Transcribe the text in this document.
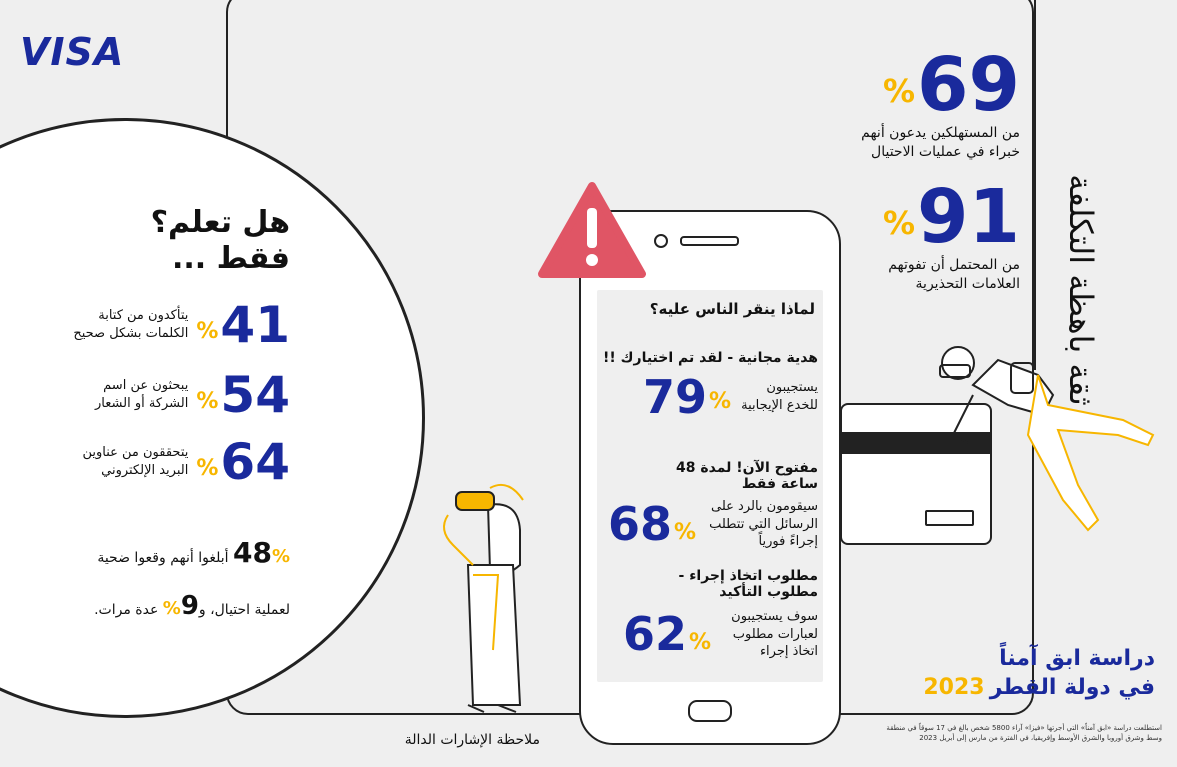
VISA
ثقة باهظة التكلفة
69
%
من المستهلكين يدعون أنهم خبراء في عمليات الاحتيال
91
%
من المحتمل أن تفوتهم العلامات التحذيرية
هل تعلم؟
فقط ...
41
%
يتأكدون من كتابة الكلمات بشكل صحيح
54
%
يبحثون عن اسم الشركة أو الشعار
64
%
يتحققون من عناوين البريد الإلكتروني
48% أبلغوا أنهم وقعوا ضحية
لعملية احتيال، و9% عدة مرات.
لماذا ينقر الناس عليه؟
هدية مجانية - لقد تم اختيارك !!
يستجيبون للخدع الإيجابية
%
79
مفتوح الآن! لمدة 48 ساعة فقط
سيقومون بالرد على الرسائل التي تتطلب إجراءً فورياً
%
68
مطلوب اتخاذ إجراء - مطلوب التأكيد
سوف يستجيبون لعبارات مطلوب اتخاذ إجراء
%
62
ملاحظة الإشارات الدالة
دراسة ابق آمناً
في دولة القطر 2023
استطلعت دراسة «ابق آمناً» التي أجرتها «فيزا» آراء 5800 شخص بالغ في 17 سوقاً في منطقة وسط وشرق أوروبا والشرق الأوسط وإفريقيا، في الفترة من مارس إلى أبريل 2023
